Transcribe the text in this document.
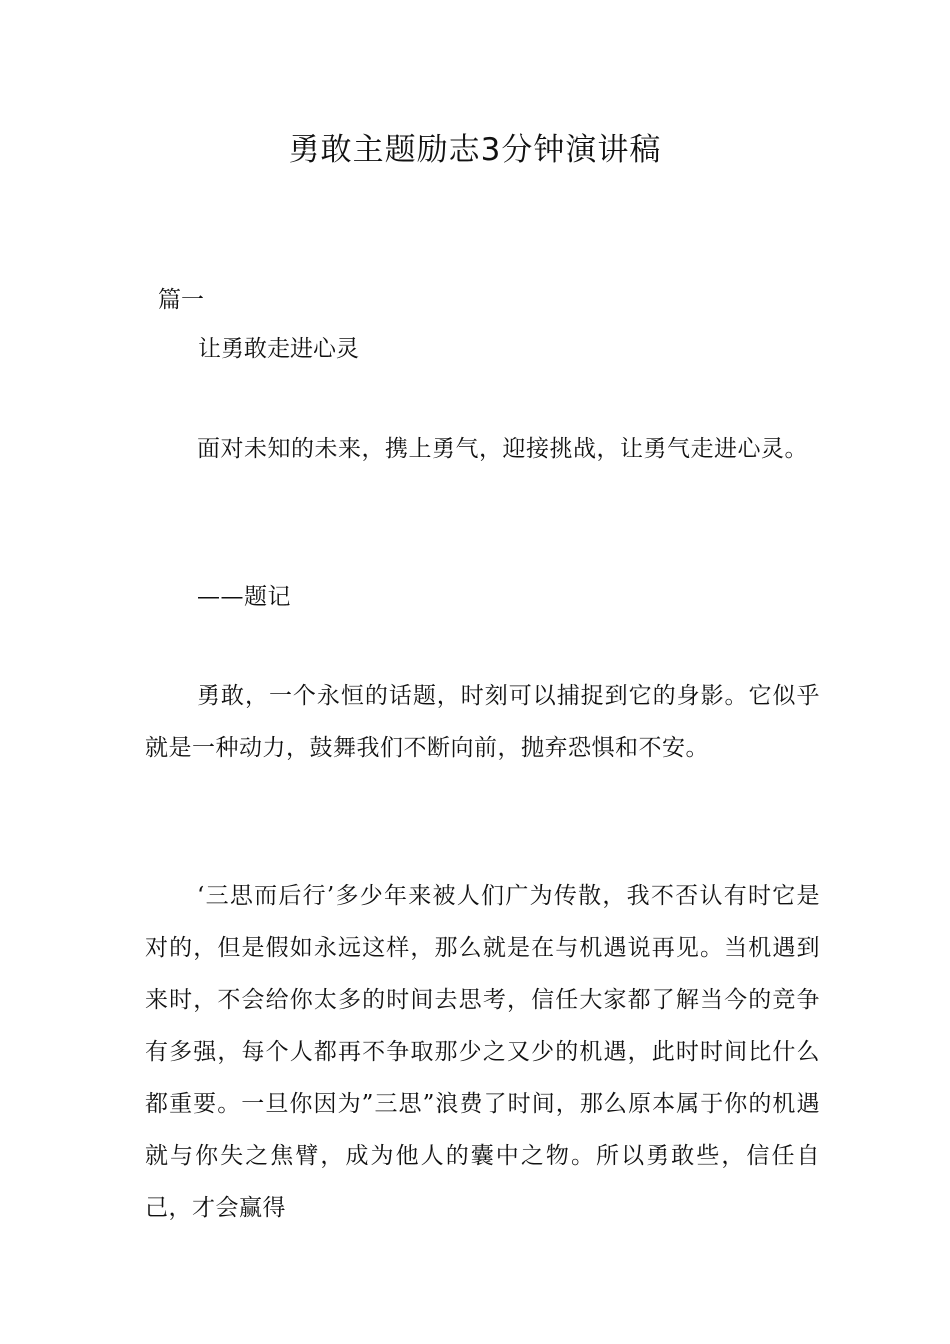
勇敢主题励志3分钟演讲稿
篇一
让勇敢走进心灵

面对未知的未来，携上勇气，迎接挑战，让勇气走进心灵。

——题记

勇敢，一个永恒的话题，时刻可以捕捉到它的身影。它似乎就是一种动力，鼓舞我们不断向前，抛弃恐惧和不安。

‘三思而后行’多少年来被人们广为传散，我不否认有时它是对的，但是假如永远这样，那么就是在与机遇说再见。当机遇到来时，不会给你太多的时间去思考，信任大家都了解当今的竞争有多强，每个人都再不争取那少之又少的机遇，此时时间比什么都重要。一旦你因为”三思”浪费了时间，那么原本属于你的机遇就与你失之焦臂，成为他人的囊中之物。所以勇敢些，信任自己，才会赢得
